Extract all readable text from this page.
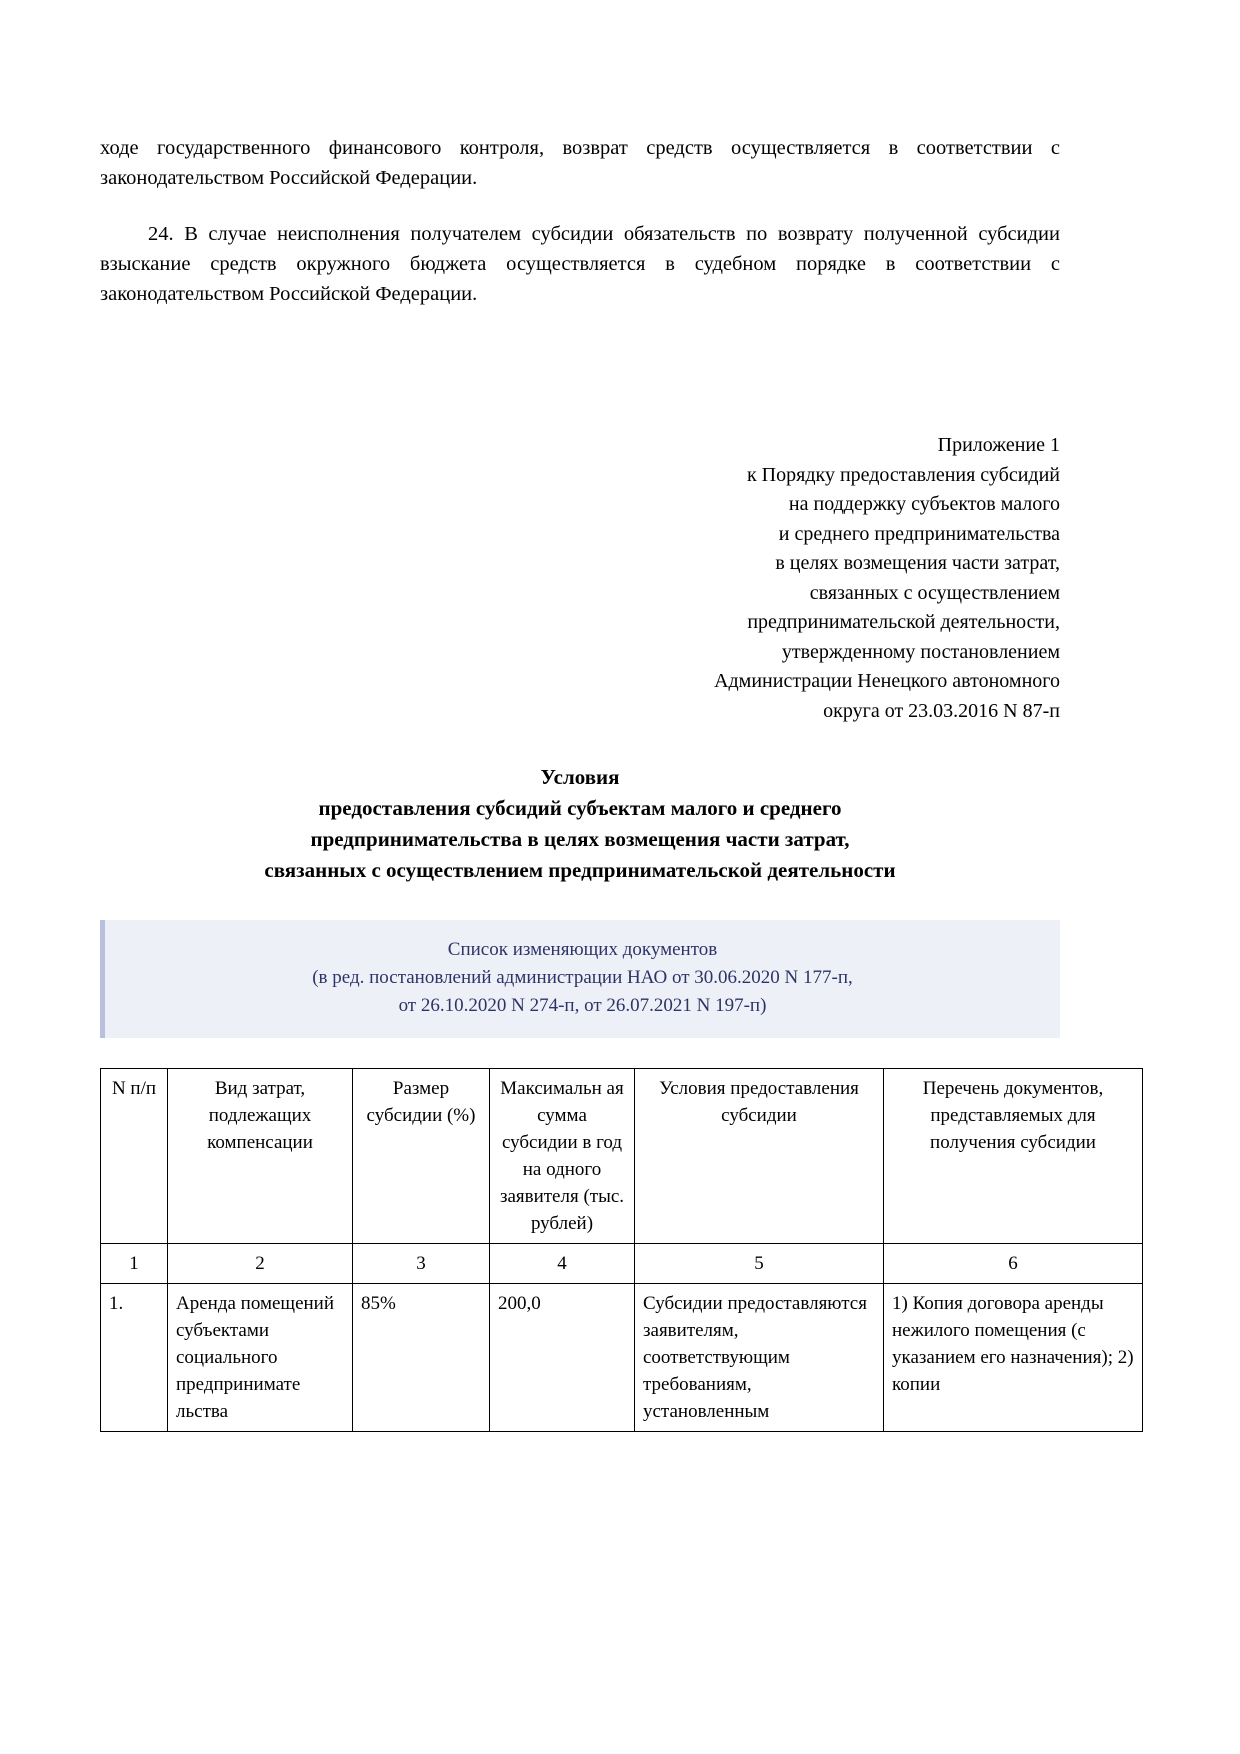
ходе государственного финансового контроля, возврат средств осуществляется в соответствии с законодательством Российской Федерации.

24. В случае неисполнения получателем субсидии обязательств по возврату полученной субсидии взыскание средств окружного бюджета осуществляется в судебном порядке в соответствии с законодательством Российской Федерации.

Приложение 1
к Порядку предоставления субсидий
на поддержку субъектов малого
и среднего предпринимательства
в целях возмещения части затрат,
связанных с осуществлением
предпринимательской деятельности,
утвержденному постановлением
Администрации Ненецкого автономного
округа от 23.03.2016 N 87-п
Условия
предоставления субсидий субъектам малого и среднего
предпринимательства в целях возмещения части затрат,
связанных с осуществлением предпринимательской деятельности
Список изменяющих документов
(в ред. постановлений администрации НАО от 30.06.2020 N 177-п,
от 26.10.2020 N 274-п, от 26.07.2021 N 197-п)
N п/п	Вид затрат, подлежащих компенсации	Размер субсидии (%)	Максимальн ая сумма субсидии в год на одного заявителя (тыс. рублей)	Условия предоставления субсидии	Перечень документов, представляемых для получения субсидии
1	2	3	4	5	6
1.	Аренда помещений субъектами социального предпринимате льства	85%	200,0	Субсидии предоставляются заявителям, соответствующим требованиям, установленным	1) Копия договора аренды нежилого помещения (с указанием его назначения); 2) копии
